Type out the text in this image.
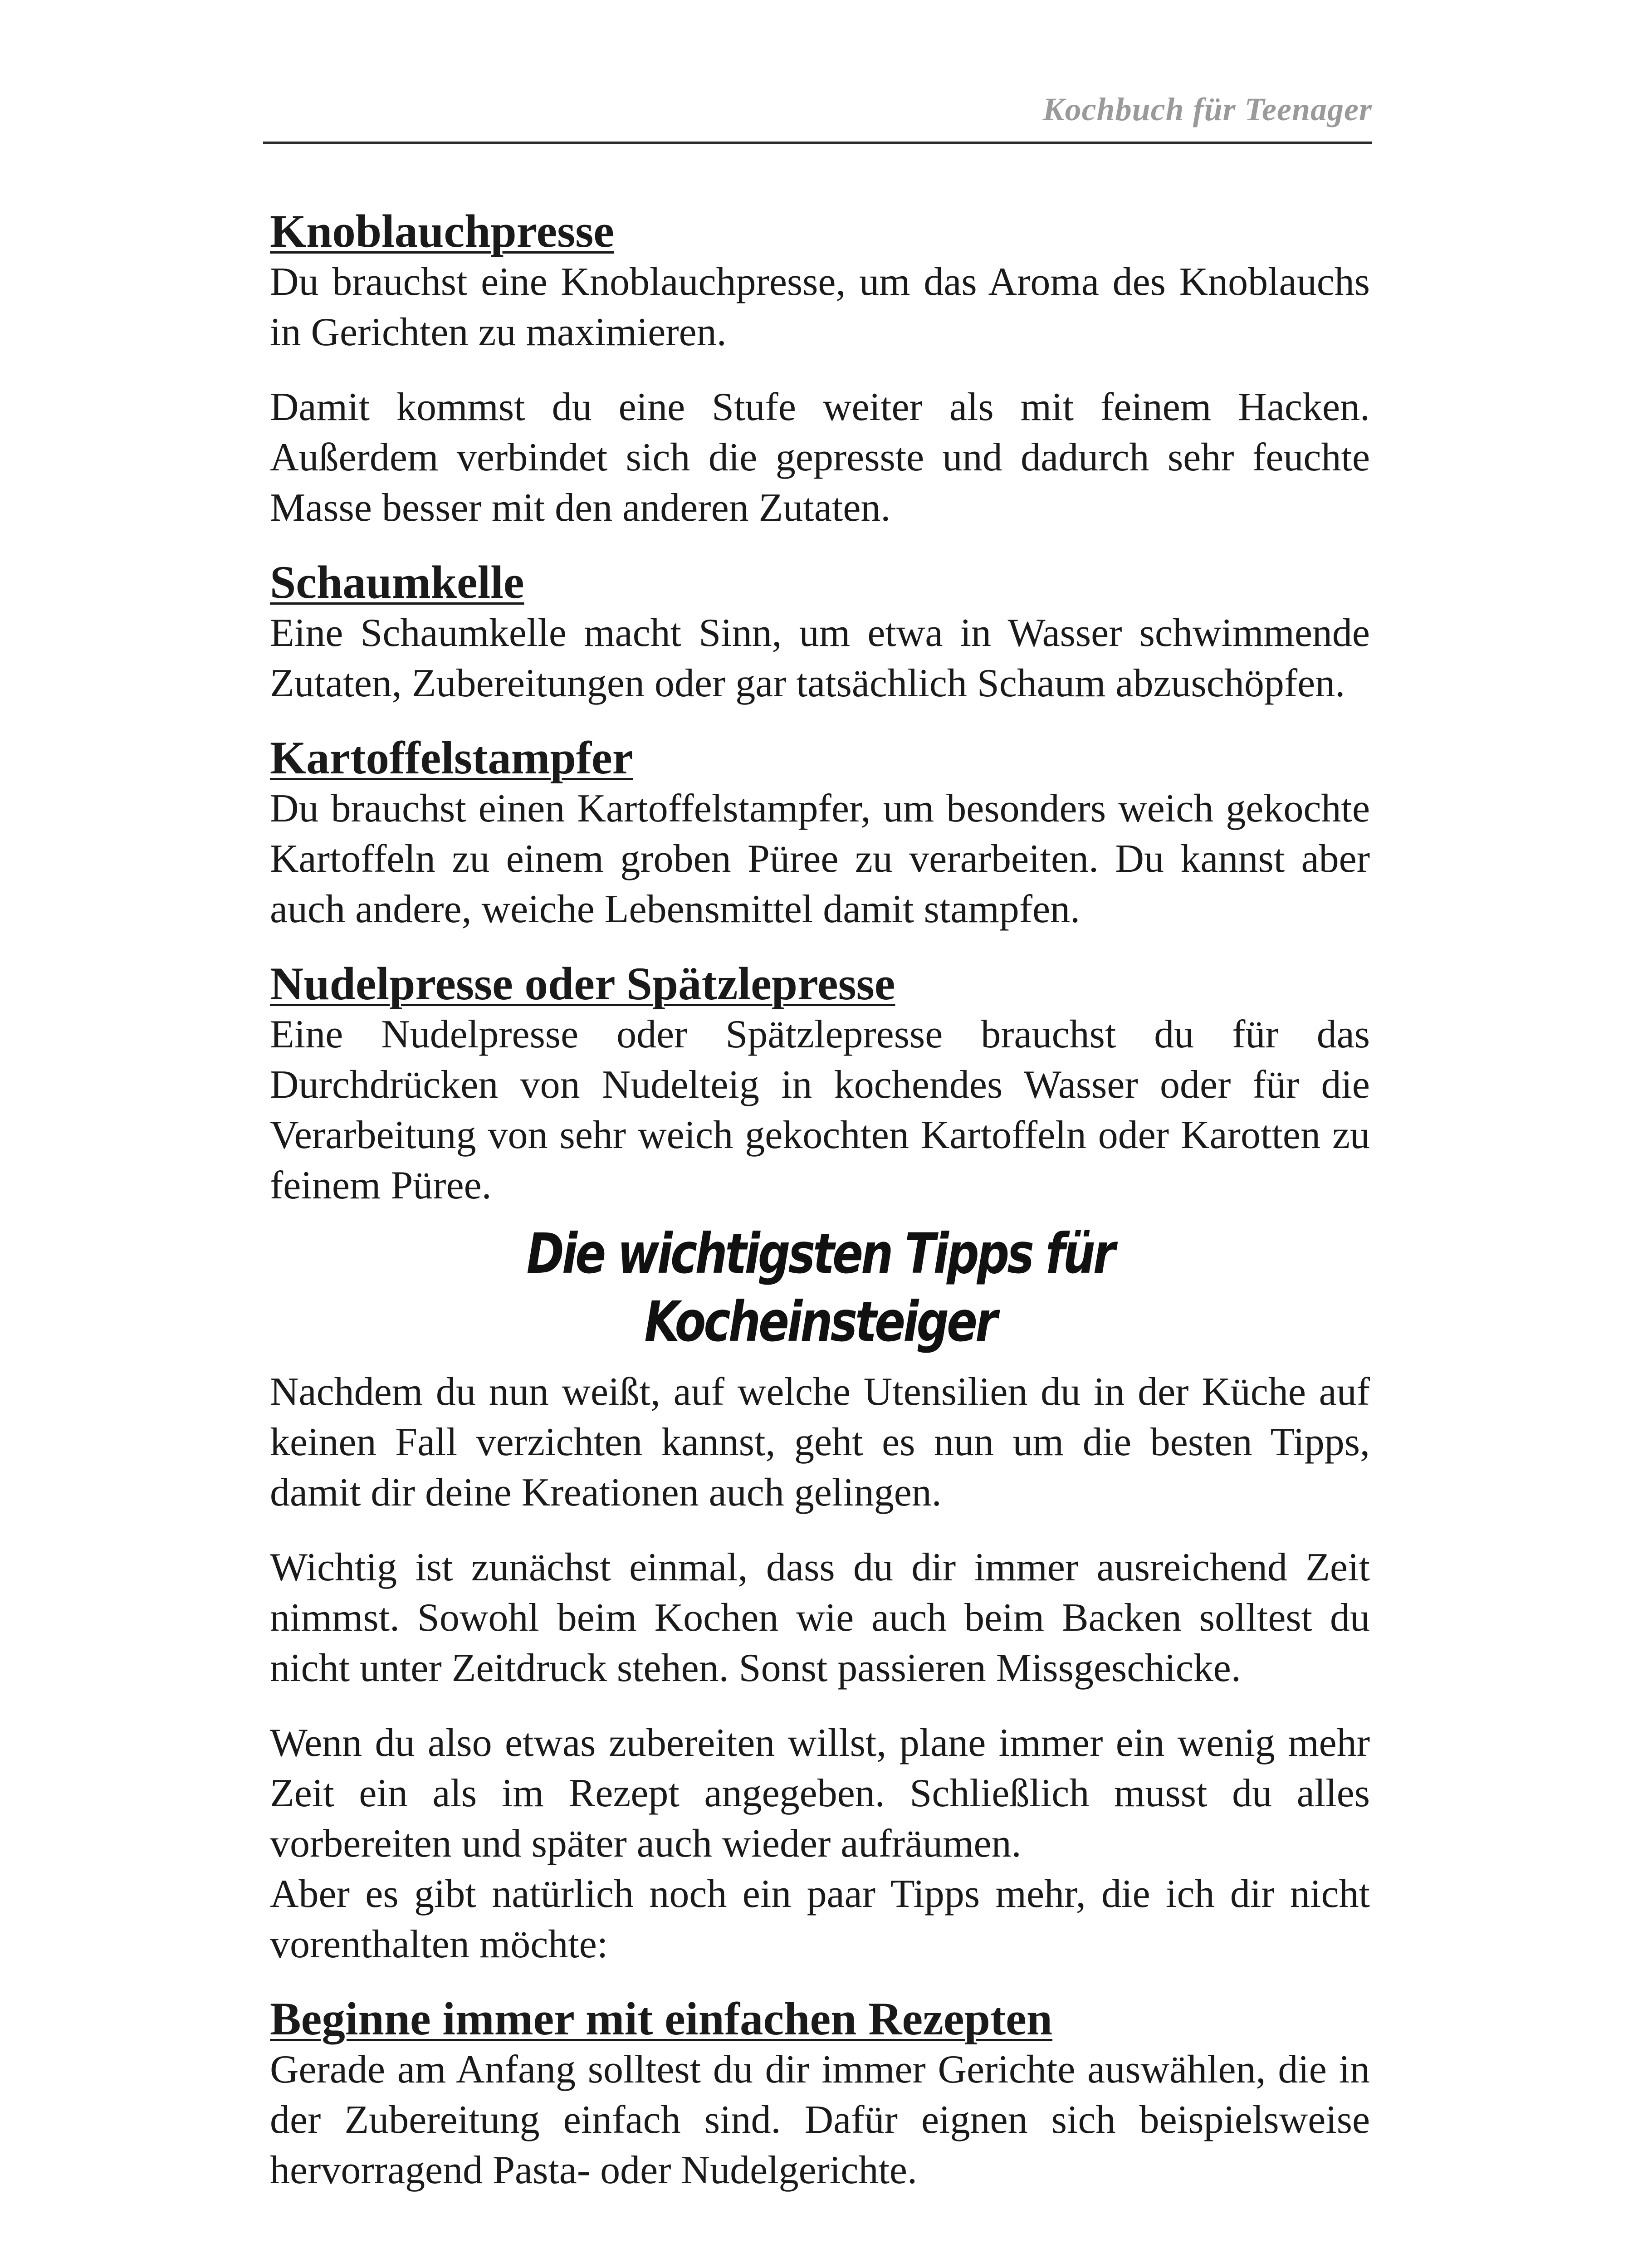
Kochbuch für Teenager
Knoblauchpresse

Du brauchst eine Knoblauchpresse, um das Aroma des Knoblauchs in Gerichten zu maximieren.

Damit kommst du eine Stufe weiter als mit feinem Hacken. Außerdem verbindet sich die gepresste und dadurch sehr feuchte Masse besser mit den anderen Zutaten.

Schaumkelle

Eine Schaumkelle macht Sinn, um etwa in Wasser schwimmende Zutaten, Zubereitungen oder gar tatsächlich Schaum abzuschöpfen.

Kartoffelstampfer

Du brauchst einen Kartoffelstampfer, um besonders weich gekochte Kartoffeln zu einem groben Püree zu verarbeiten. Du kannst aber auch andere, weiche Lebensmittel damit stampfen.

Nudelpresse oder Spätzlepresse

Eine Nudelpresse oder Spätzlepresse brauchst du für das Durchdrücken von Nudelteig in kochendes Wasser oder für die Verarbeitung von sehr weich gekochten Kartoffeln oder Karotten zu feinem Püree.

Die wichtigsten Tipps für Kocheinsteiger

Nachdem du nun weißt, auf welche Utensilien du in der Küche auf keinen Fall verzichten kannst, geht es nun um die besten Tipps, damit dir deine Kreationen auch gelingen.

Wichtig ist zunächst einmal, dass du dir immer ausreichend Zeit nimmst. Sowohl beim Kochen wie auch beim Backen solltest du nicht unter Zeitdruck stehen. Sonst passieren Missgeschicke.

Wenn du also etwas zubereiten willst, plane immer ein wenig mehr Zeit ein als im Rezept angegeben. Schließlich musst du alles vorbereiten und später auch wieder aufräumen.

Aber es gibt natürlich noch ein paar Tipps mehr, die ich dir nicht vorenthalten möchte:

Beginne immer mit einfachen Rezepten

Gerade am Anfang solltest du dir immer Gerichte auswählen, die in der Zubereitung einfach sind. Dafür eignen sich beispielsweise hervorragend Pasta- oder Nudelgerichte.
